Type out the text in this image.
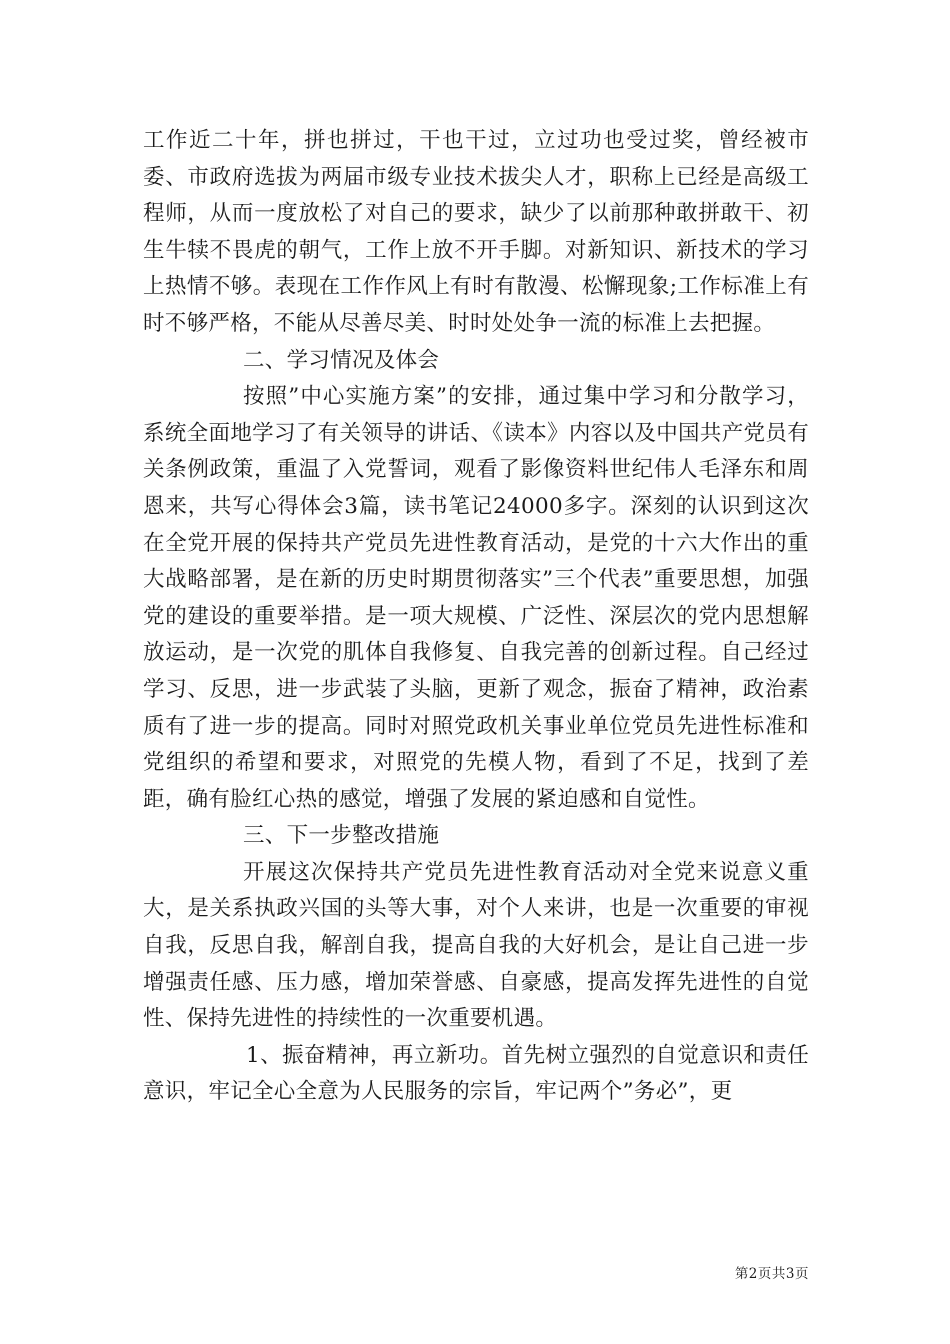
工作近二十年，拼也拼过，干也干过，立过功也受过奖，曾经被市委、市政府选拔为两届市级专业技术拔尖人才，职称上已经是高级工程师，从而一度放松了对自己的要求，缺少了以前那种敢拼敢干、初生牛犊不畏虎的朝气，工作上放不开手脚。对新知识、新技术的学习上热情不够。表现在工作作风上有时有散漫、松懈现象;工作标准上有时不够严格，不能从尽善尽美、时时处处争一流的标准上去把握。

二、学习情况及体会

按照”中心实施方案”的安排，通过集中学习和分散学习，系统全面地学习了有关领导的讲话、《读本》内容以及中国共产党员有关条例政策，重温了入党誓词，观看了影像资料世纪伟人毛泽东和周恩来，共写心得体会3篇，读书笔记24000多字。深刻的认识到这次在全党开展的保持共产党员先进性教育活动，是党的十六大作出的重大战略部署，是在新的历史时期贯彻落实”三个代表”重要思想，加强党的建设的重要举措。是一项大规模、广泛性、深层次的党内思想解放运动，是一次党的肌体自我修复、自我完善的创新过程。自己经过学习、反思，进一步武装了头脑，更新了观念，振奋了精神，政治素质有了进一步的提高。同时对照党政机关事业单位党员先进性标准和党组织的希望和要求，对照党的先模人物，看到了不足，找到了差距，确有脸红心热的感觉，增强了发展的紧迫感和自觉性。

三、下一步整改措施

开展这次保持共产党员先进性教育活动对全党来说意义重大，是关系执政兴国的头等大事，对个人来讲，也是一次重要的审视自我，反思自我，解剖自我，提高自我的大好机会，是让自己进一步增强责任感、压力感，增加荣誉感、自豪感，提高发挥先进性的自觉性、保持先进性的持续性的一次重要机遇。

1、振奋精神，再立新功。首先树立强烈的自觉意识和责任意识，牢记全心全意为人民服务的宗旨，牢记两个”务必”，更

第2页共3页
